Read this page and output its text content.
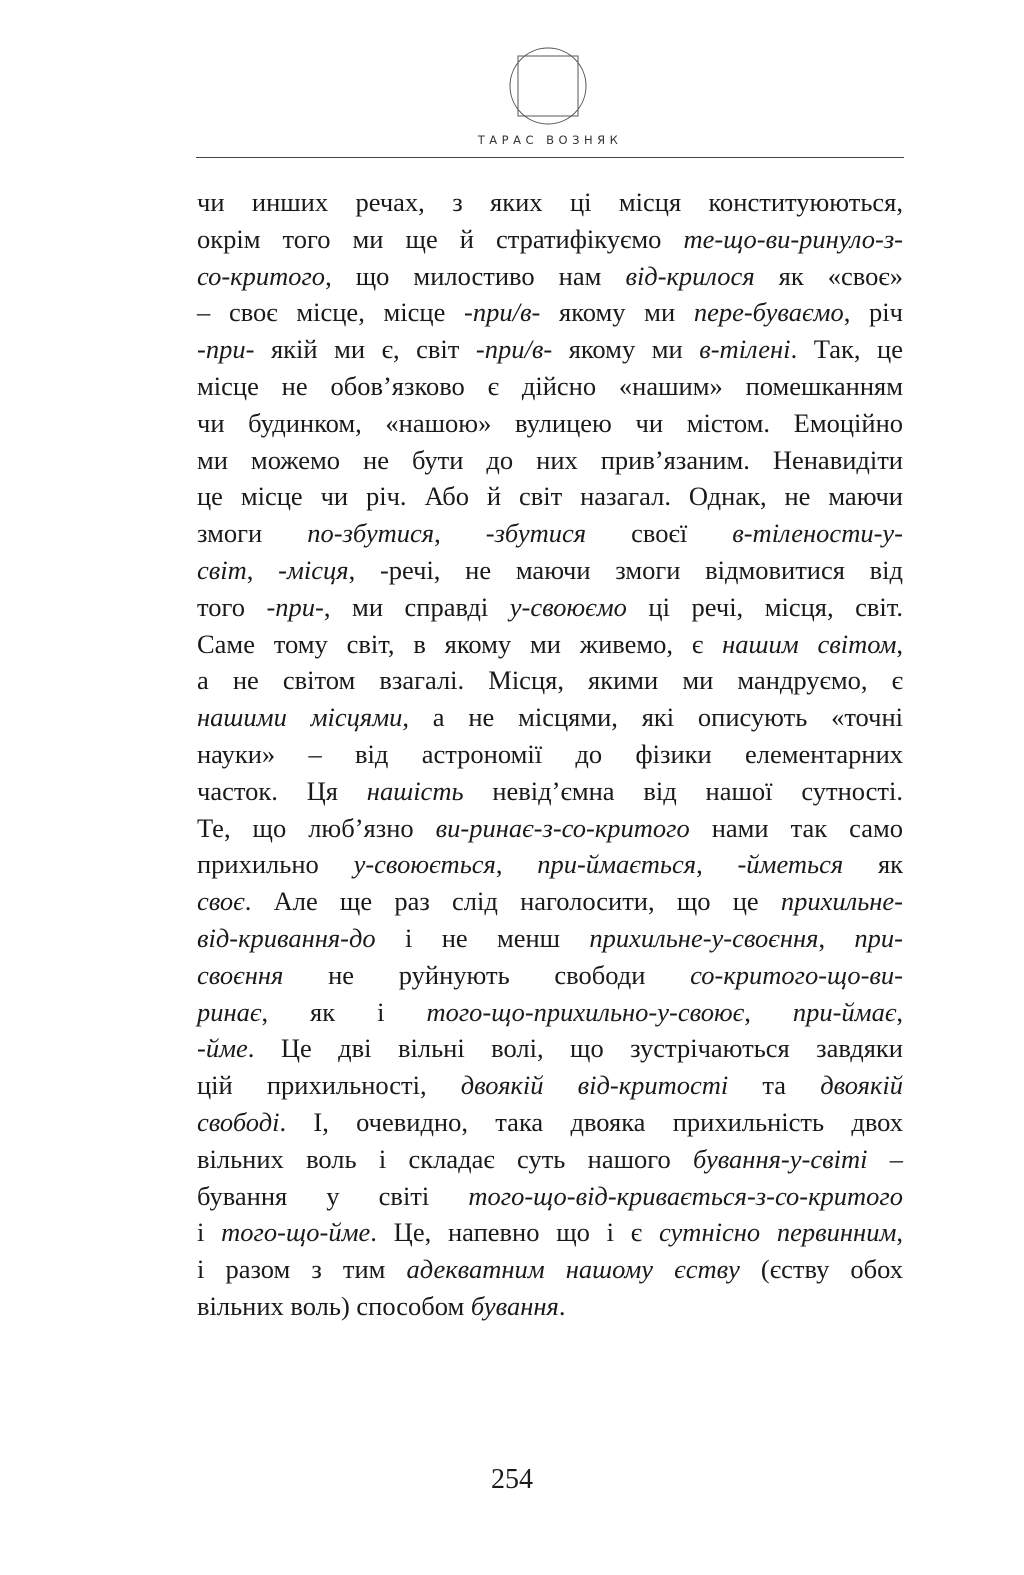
ТАРАС ВОЗНЯК
чи инших речах, з яких ці місця конституюються,
окрім того ми ще й стратифікуємо те-що-ви-ринуло-з-
со-критого, що милостиво нам від-крилося як «своє»
– своє місце, місце -при/в- якому ми пере-буваємо, річ
-при- якій ми є, світ -при/в- якому ми в-тілені. Так, це
місце не обов’язково є дійсно «нашим» помешканням
чи будинком, «нашою» вулицею чи містом. Емоційно
ми можемо не бути до них прив’язаним. Ненавидіти
це місце чи річ. Або й світ назагал. Однак, не маючи
змоги по-збутися, -збутися своєї в-тілености-у-
світ, -місця, -речі, не маючи змоги відмовитися від
того -при-, ми справді у-своюємо ці речі, місця, світ.
Саме тому світ, в якому ми живемо, є нашим світом,
а не світом взагалі. Місця, якими ми мандруємо, є
нашими місцями, а не місцями, які описують «точні
науки» – від астрономії до фізики елементарних
часток. Ця нашість невід’ємна від нашої сутності.
Те, що люб’язно ви-ринає-з-со-критого нами так само
прихильно у-своюється, при-ймається, -йметься як
своє. Але ще раз слід наголосити, що це прихильне-
від-кривання-до і не менш прихильне-у-своєння, при-
своєння не руйнують свободи со-критого-що-ви-
ринає, як і того-що-прихильно-у-своює, при-ймає,
-йме. Це дві вільні волі, що зустрічаються завдяки
цій прихильності, двоякій від-критості та двоякій
свободі. І, очевидно, така двояка прихильність двох
вільних воль і складає суть нашого бування-у-світі –
бування у світі того-що-від-кривається-з-со-критого
і того-що-йме. Це, напевно що і є сутнісно первинним,
і разом з тим адекватним нашому єству (єству обох
вільних воль) способом бування.
254
